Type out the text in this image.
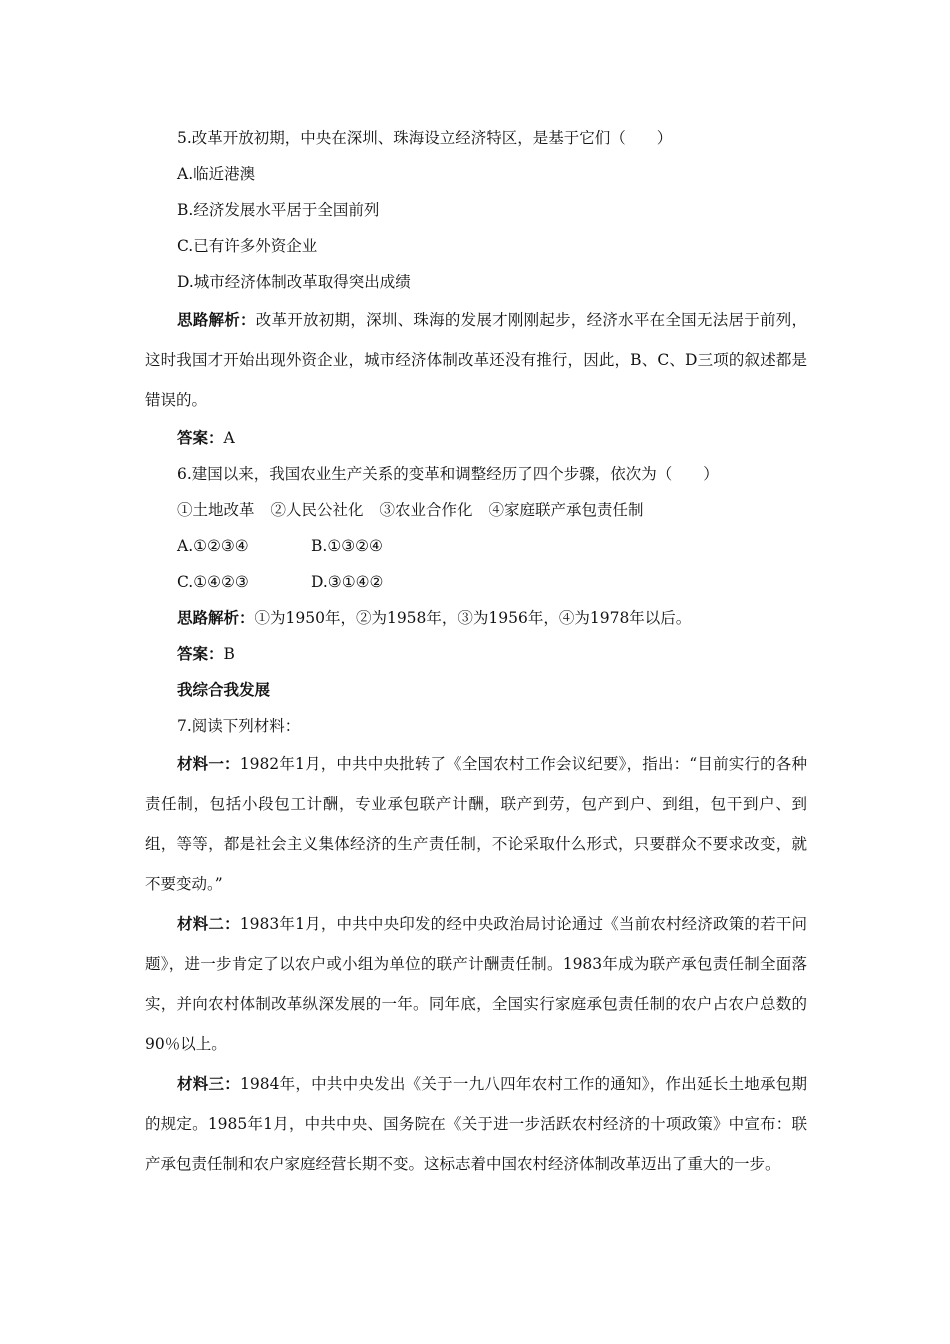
5.改革开放初期，中央在深圳、珠海设立经济特区，是基于它们（　　）

A.临近港澳

B.经济发展水平居于全国前列

C.已有许多外资企业

D.城市经济体制改革取得突出成绩

思路解析：改革开放初期，深圳、珠海的发展才刚刚起步，经济水平在全国无法居于前列，这时我国才开始出现外资企业，城市经济体制改革还没有推行，因此，B、C、D三项的叙述都是错误的。

答案：A

6.建国以来，我国农业生产关系的变革和调整经历了四个步骤，依次为（　　）

①土地改革 ②人民公社化 ③农业合作化 ④家庭联产承包责任制

A.①②③④	B.①③②④

C.①④②③	D.③①④②

思路解析：①为1950年，②为1958年，③为1956年，④为1978年以后。

答案：B

我综合我发展

7.阅读下列材料：

材料一：1982年1月，中共中央批转了《全国农村工作会议纪要》，指出：“目前实行的各种责任制，包括小段包工计酬，专业承包联产计酬，联产到劳，包产到户、到组，包干到户、到组，等等，都是社会主义集体经济的生产责任制，不论采取什么形式，只要群众不要求改变，就不要变动。”

材料二：1983年1月，中共中央印发的经中央政治局讨论通过《当前农村经济政策的若干问题》，进一步肯定了以农户或小组为单位的联产计酬责任制。1983年成为联产承包责任制全面落实，并向农村体制改革纵深发展的一年。同年底，全国实行家庭承包责任制的农户占农户总数的90％以上。

材料三：1984年，中共中央发出《关于一九八四年农村工作的通知》，作出延长土地承包期的规定。1985年1月，中共中央、国务院在《关于进一步活跃农村经济的十项政策》中宣布：联产承包责任制和农户家庭经营长期不变。这标志着中国农村经济体制改革迈出了重大的一步。
